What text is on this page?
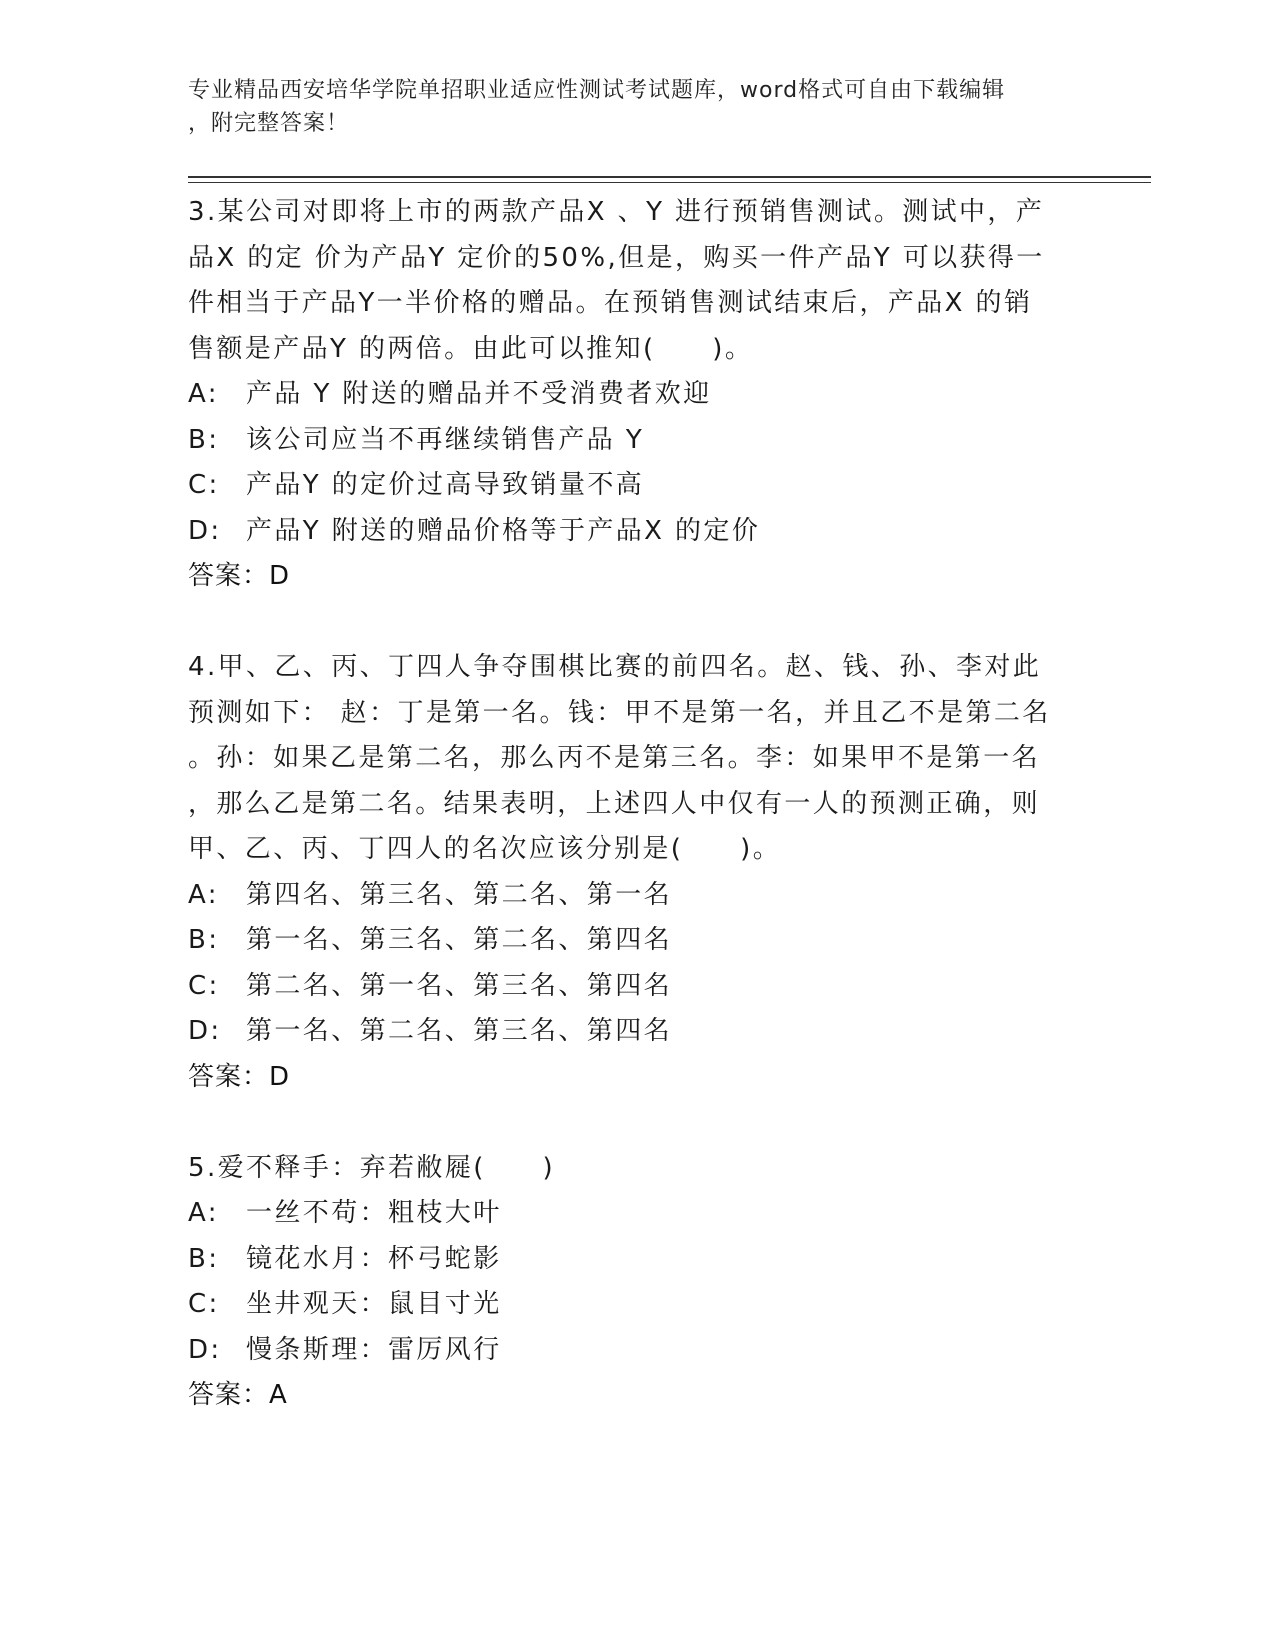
专业精品西安培华学院单招职业适应性测试考试题库，word格式可自由下载编辑
，附完整答案！
3.某公司对即将上市的两款产品X 、Y 进行预销售测试。测试中，产
品X 的定 价为产品Y 定价的50%,但是，购买一件产品Y 可以获得一
件相当于产品Y一半价格的赠品。在预销售测试结束后，产品X 的销
售额是产品Y 的两倍。由此可以推知(　　)。
A:	产品 Y 附送的赠品并不受消费者欢迎
B:	该公司应当不再继续销售产品 Y
C:	产品Y 的定价过高导致销量不高
D: 产品Y 附送的赠品价格等于产品X 的定价
答案：D
4.甲、乙、丙、丁四人争夺围棋比赛的前四名。赵、钱、孙、李对此
预测如下： 赵：丁是第一名。钱：甲不是第一名，并且乙不是第二名
。孙：如果乙是第二名，那么丙不是第三名。李：如果甲不是第一名
，那么乙是第二名。结果表明，上述四人中仅有一人的预测正确，则
甲、乙、丙、丁四人的名次应该分别是(　　)。
A:	第四名、第三名、第二名、第一名
B:	第一名、第三名、第二名、第四名
C:	第二名、第一名、第三名、第四名
D: 第一名、第二名、第三名、第四名
答案：D
5.爱不释手：弃若敝屣(　　)
A:	一丝不苟：粗枝大叶
B:	镜花水月：杯弓蛇影
C:	坐井观天：鼠目寸光
D: 慢条斯理：雷厉风行
答案：A
